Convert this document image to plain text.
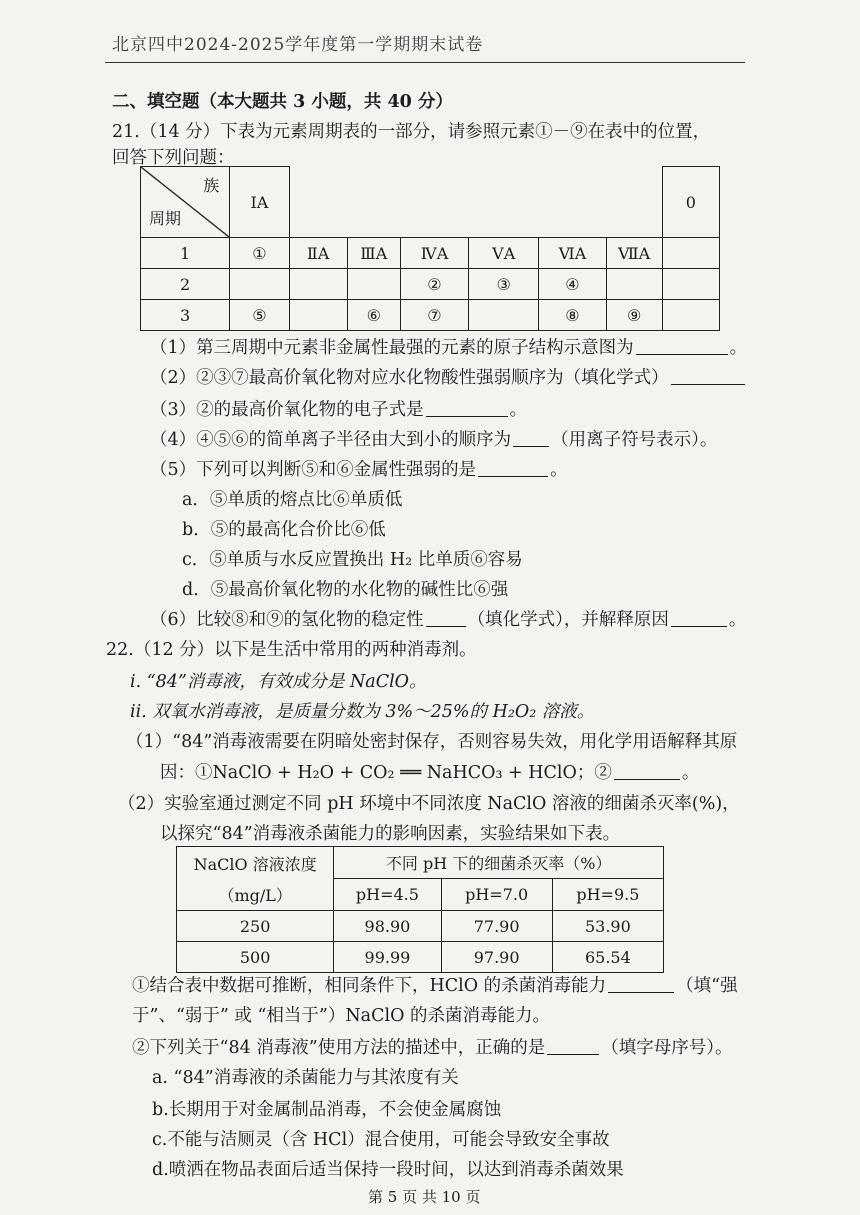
北京四中2024-2025学年度第一学期期末试卷
二、填空题（本大题共 3 小题，共 40 分）
21.（14 分）下表为元素周期表的一部分，请参照元素①－⑨在表中的位置，
回答下列问题：
族
周期	ⅠA							0
1	①	ⅡA	ⅢA	ⅣA	ⅤA	ⅥA	ⅦA	
2				②	③	④		
3	⑤		⑥	⑦		⑧	⑨	
（1）第三周期中元素非金属性最强的元素的原子结构示意图为	。
（2）②③⑦最高价氧化物对应水化物酸性强弱顺序为（填化学式）
（3）②的最高价氧化物的电子式是	。
（4）④⑤⑥的简单离子半径由大到小的顺序为 （用离子符号表示）。
（5）下列可以判断⑤和⑥金属性强弱的是	。
a．⑤单质的熔点比⑥单质低
b．⑤的最高化合价比⑥低
c．⑤单质与水反应置换出 H₂ 比单质⑥容易
d．⑤最高价氧化物的水化物的碱性比⑥强
（6）比较⑧和⑨的氢化物的稳定性	（填化学式），并解释原因	。
22.（12 分）以下是生活中常用的两种消毒剂。
i. “84”消毒液，有效成分是 NaClO。
ii. 双氧水消毒液，是质量分数为 3%～25%的 H₂O₂ 溶液。
（1）“84”消毒液需要在阴暗处密封保存，否则容易失效，用化学用语解释其原
因：①NaClO + H₂O + CO₂ ══ NaHCO₃ + HClO；②	。
（2）实验室通过测定不同 pH 环境中不同浓度 NaClO 溶液的细菌杀灭率(%)，
以探究“84”消毒液杀菌能力的影响因素，实验结果如下表。
NaClO 溶液浓度
（mg/L）	不同 pH 下的细菌杀灭率（%）		
	pH=4.5	pH=7.0	pH=9.5
250	98.90	77.90	53.90
500	99.99	97.90	65.54
①结合表中数据可推断，相同条件下，HClO 的杀菌消毒能力	（填“强
于”、“弱于” 或 “相当于”）NaClO 的杀菌消毒能力。
②下列关于“84 消毒液”使用方法的描述中，正确的是	（填字母序号）。
a. “84”消毒液的杀菌能力与其浓度有关
b.长期用于对金属制品消毒，不会使金属腐蚀
c.不能与洁厕灵（含 HCl）混合使用，可能会导致安全事故
d.喷洒在物品表面后适当保持一段时间，以达到消毒杀菌效果
第 5 页 共 10 页
